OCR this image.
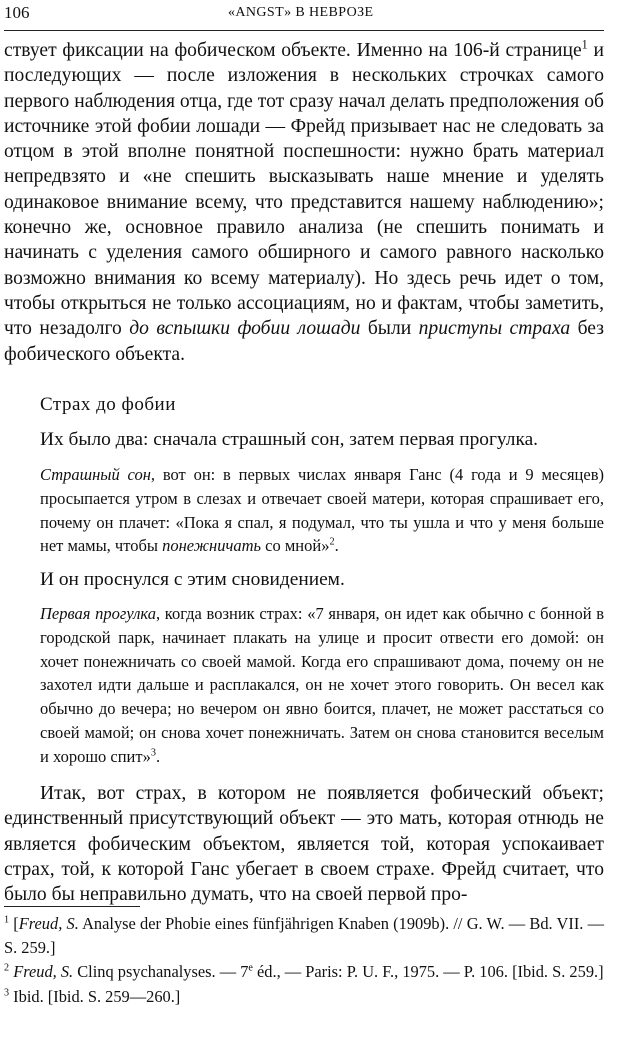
106	«ANGST» В НЕВРОЗЕ

ствует фиксации на фобическом объекте. Именно на 106-й странице$^1$ и последующих — после изложения в нескольких строчках самого первого наблюдения отца, где тот сразу начал делать предположения об источнике этой фобии лошади — Фрейд призывает нас не следовать за отцом в этой вполне понятной поспешности: нужно брать материал непредвзято и «не спешить высказывать наше мнение и уделять одинаковое внимание всему, что представится нашему наблюдению»; конечно же, основное правило анализа (не спешить понимать и начинать с уделения самого обширного и самого равного насколько возможно внимания ко всему материалу). Но здесь речь идет о том, чтобы открыться не только ассоциациям, но и фактам, чтобы заметить, что незадолго до вспышки фобии лошади были приступы страха без фобического объекта.

Страх до фобии
Их было два: сначала страшный сон, затем первая прогулка.

Страшный сон, вот он: в первых числах января Ганс (4 года и 9 месяцев) просыпается утром в слезах и отвечает своей матери, которая спрашивает его, почему он плачет: «Пока я спал, я подумал, что ты ушла и что у меня больше нет мамы, чтобы понежничать со мной»$^2$.

И он проснулся с этим сновидением.

Первая прогулка, когда возник страх: «7 января, он идет как обычно с бонной в городской парк, начинает плакать на улице и просит отвести его домой: он хочет понежничать со своей мамой. Когда его спрашивают дома, почему он не захотел идти дальше и расплакался, он не хочет этого говорить. Он весел как обычно до вечера; но вечером он явно боится, плачет, не может расстаться со своей мамой; он снова хочет понежничать. Затем он снова становится веселым и хорошо спит»$^3$.

Итак, вот страх, в котором не появляется фобический объект; единственный присутствующий объект — это мать, которая отнюдь не является фобическим объектом, является той, которая успокаивает страх, той, к которой Ганс убегает в своем страхе. Фрейд считает, что было бы неправильно думать, что на своей первой про-

$^1$ [Freud, S. Analyse der Phobie eines fünfjährigen Knaben (1909b). // G. W. — Bd. VII. — S. 259.]

$^2$ Freud, S. Clinq psychanalyses. — 7e éd., — Paris: P. U. F., 1975. — P. 106. [Ibid. S. 259.]

$^3$ Ibid. [Ibid. S. 259—260.]
